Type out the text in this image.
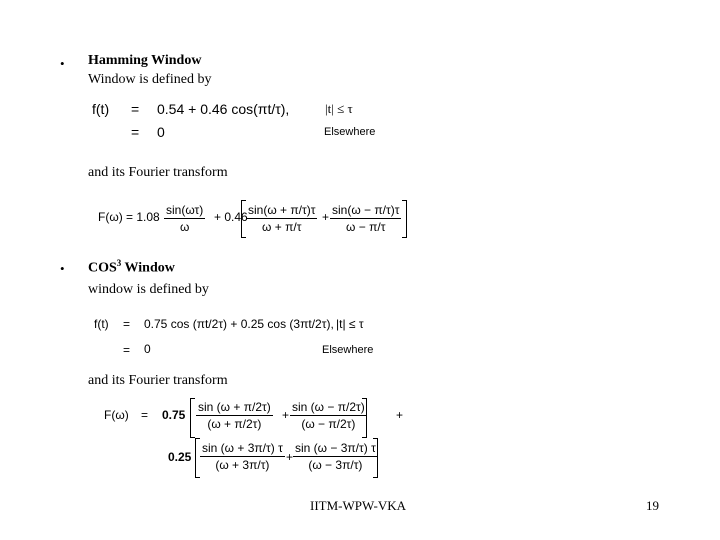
• Hamming Window
Window is defined by
f(t) = 0.54 + 0.46 cos(πt/τ),	|t| ≤ τ
= 0	Elsewhere
and its Fourier transform
F(ω) = 1.08 sin(ωτ)
ω
+ 0.46 sin(ω + π/τ)τ
ω + π/τ
+ sin(ω − π/τ)τ
ω − π/τ
• COS$^3$ Window
window is defined by
f(t) = 0.75 cos (πt/2τ) + 0.25 cos (3πt/2τ), |t| ≤ τ
= 0	Elsewhere
and its Fourier transform
F(ω) = 0.75
sin (ω + π/2τ)
(ω + π/2τ)
+
sin (ω − π/2τ)
(ω − π/2τ)
+
0.25
sin (ω + 3π/τ) τ
(ω + 3π/τ)
+
sin (ω − 3π/τ) τ
(ω − 3π/τ)
IITM-WPW-VKA	19
